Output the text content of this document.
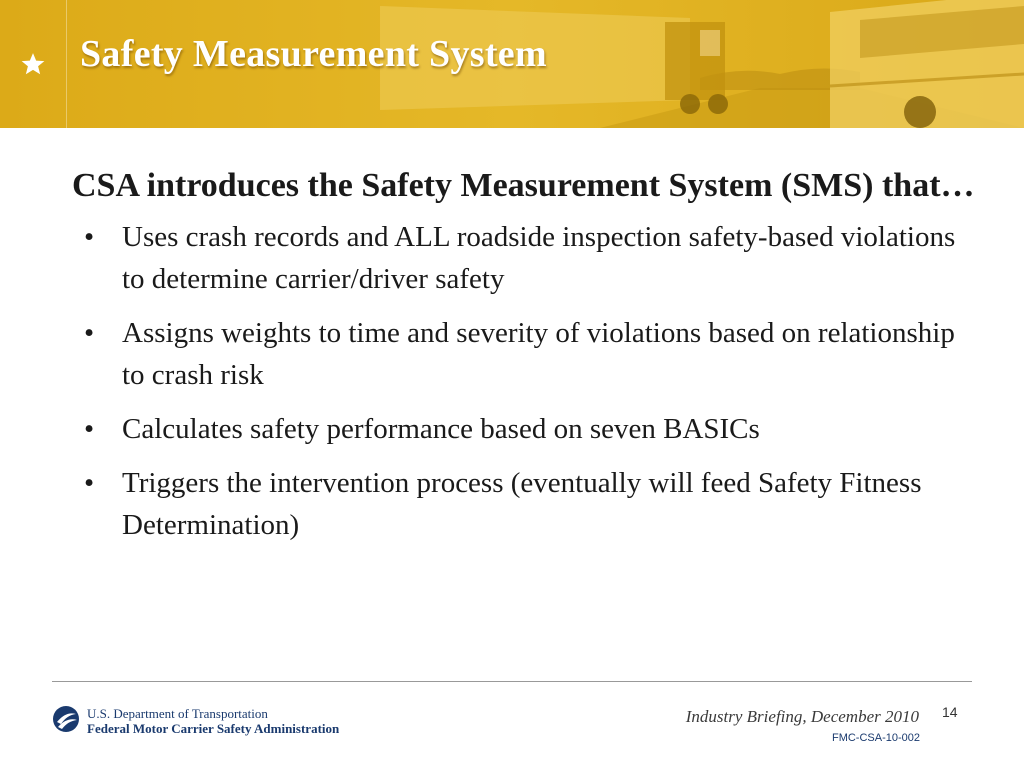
Safety Measurement System

CSA introduces the Safety Measurement System (SMS) that…

• Uses crash records and ALL roadside inspection safety-based violations to determine carrier/driver safety
• Assigns weights to time and severity of violations based on relationship to crash risk
• Calculates safety performance based on seven BASICs
• Triggers the intervention process (eventually will feed Safety Fitness Determination)
U.S. Department of Transportation
Federal Motor Carrier Safety Administration
Industry Briefing, December 2010 14
FMC-CSA-10-002
